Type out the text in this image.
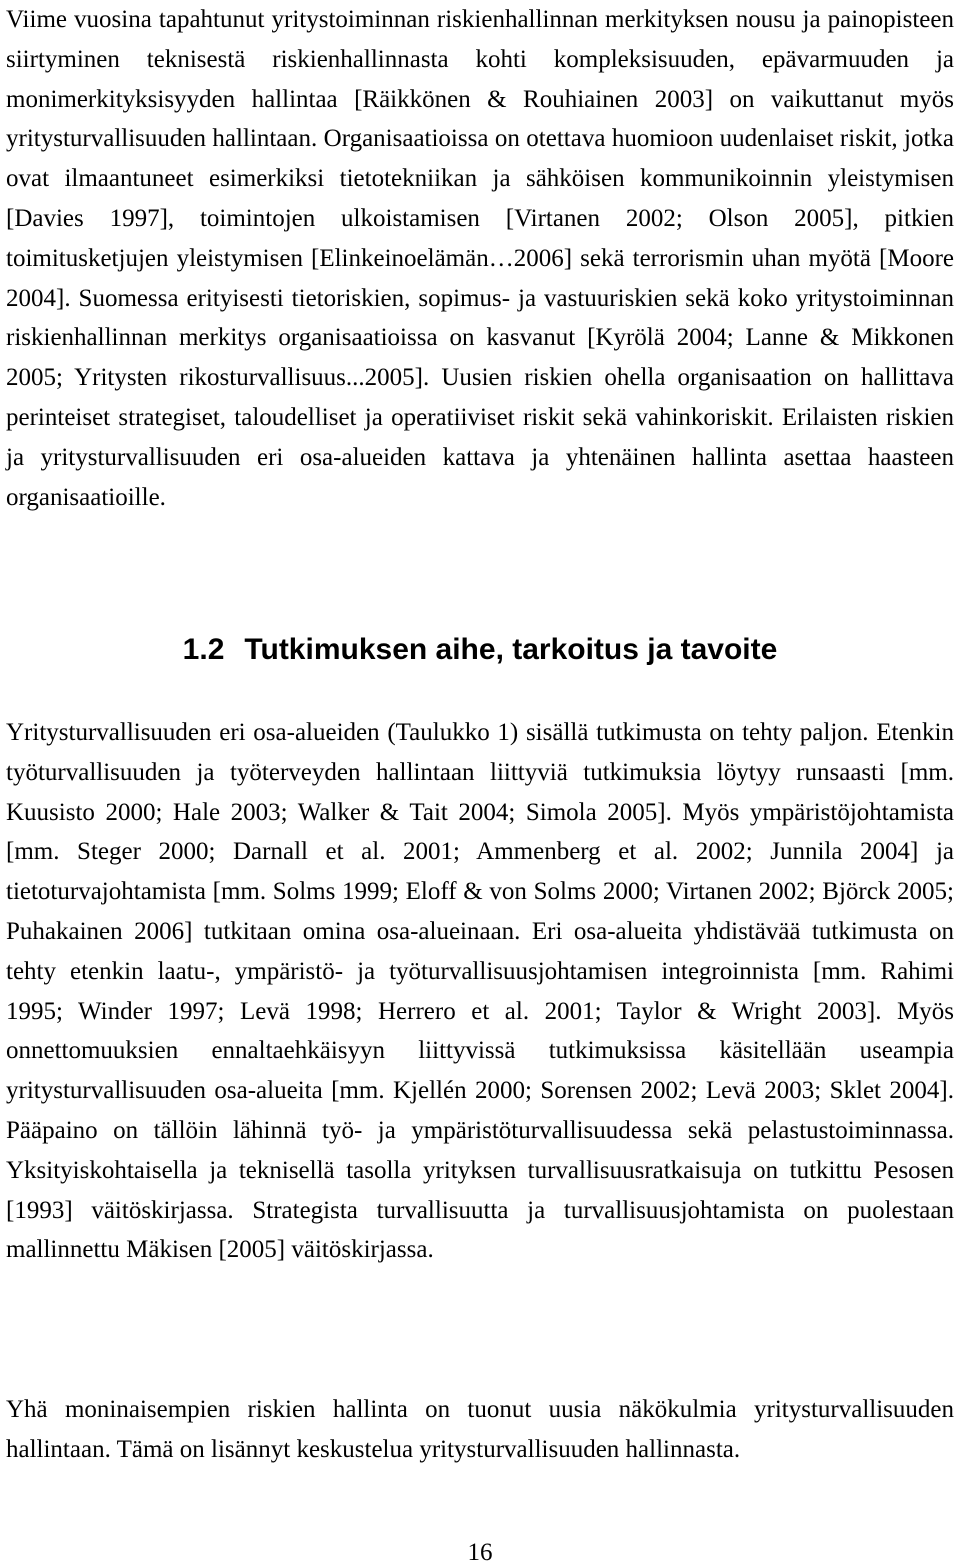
Viime vuosina tapahtunut yritystoiminnan riskienhallinnan merkityksen nousu ja painopisteen siirtyminen teknisestä riskienhallinnasta kohti kompleksisuuden, epävarmuuden ja monimerkityksisyyden hallintaa [Räikkönen & Rouhiainen 2003] on vaikuttanut myös yritysturvallisuuden hallintaan. Organisaatioissa on otettava huomioon uudenlaiset riskit, jotka ovat ilmaantuneet esimerkiksi tietotekniikan ja sähköisen kommunikoinnin yleistymisen [Davies 1997], toimintojen ulkoistamisen [Virtanen 2002; Olson 2005], pitkien toimitusketjujen yleistymisen [Elinkeinoelämän…2006] sekä terrorismin uhan myötä [Moore 2004]. Suomessa erityisesti tietoriskien, sopimus- ja vastuuriskien sekä koko yritystoiminnan riskienhallinnan merkitys organisaatioissa on kasvanut [Kyrölä 2004; Lanne & Mikkonen 2005; Yritysten rikosturvallisuus...2005]. Uusien riskien ohella organisaation on hallittava perinteiset strategiset, taloudelliset ja operatiiviset riskit sekä vahinkoriskit. Erilaisten riskien ja yritysturvallisuuden eri osa-alueiden kattava ja yhtenäinen hallinta asettaa haasteen organisaatioille.

1.2 Tutkimuksen aihe, tarkoitus ja tavoite

Yritysturvallisuuden eri osa-alueiden (Taulukko 1) sisällä tutkimusta on tehty paljon. Etenkin työturvallisuuden ja työterveyden hallintaan liittyviä tutkimuksia löytyy runsaasti [mm. Kuusisto 2000; Hale 2003; Walker & Tait 2004; Simola 2005]. Myös ympäristöjohtamista [mm. Steger 2000; Darnall et al. 2001; Ammenberg et al. 2002; Junnila 2004] ja tietoturvajohtamista [mm. Solms 1999; Eloff & von Solms 2000; Virtanen 2002; Björck 2005; Puhakainen 2006] tutkitaan omina osa-alueinaan. Eri osa-alueita yhdistävää tutkimusta on tehty etenkin laatu-, ympäristö- ja työturvallisuusjohtamisen integroinnista [mm. Rahimi 1995; Winder 1997; Levä 1998; Herrero et al. 2001; Taylor & Wright 2003]. Myös onnettomuuksien ennaltaehkäisyyn liittyvissä tutkimuksissa käsitellään useampia yritysturvallisuuden osa-alueita [mm. Kjellén 2000; Sorensen 2002; Levä 2003; Sklet 2004]. Pääpaino on tällöin lähinnä työ- ja ympäristöturvallisuudessa sekä pelastustoiminnassa. Yksityiskohtaisella ja teknisellä tasolla yrityksen turvallisuusratkaisuja on tutkittu Pesosen [1993] väitöskirjassa. Strategista turvallisuutta ja turvallisuusjohtamista on puolestaan mallinnettu Mäkisen [2005] väitöskirjassa.

Yhä moninaisempien riskien hallinta on tuonut uusia näkökulmia yritysturvallisuuden hallintaan. Tämä on lisännyt keskustelua yritysturvallisuuden hallinnasta.

16
